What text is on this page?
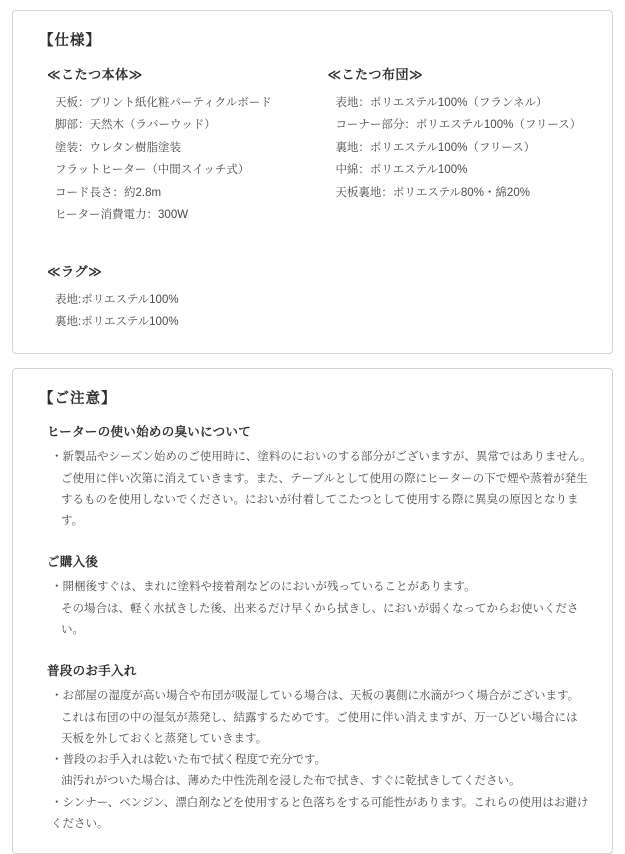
【仕様】
≪こたつ本体≫
天板：プリント紙化粧パーティクルボード
脚部：天然木（ラバーウッド）
塗装：ウレタン樹脂塗装
フラットヒーター（中間スイッチ式）
コード長さ：約2.8m
ヒーター消費電力：300W
≪ラグ≫
表地:ポリエステル100%
裏地:ポリエステル100%
≪こたつ布団≫
表地：ポリエステル100%（フランネル）
コーナー部分：ポリエステル100%（フリース）
裏地：ポリエステル100%（フリース）
中綿：ポリエステル100%
天板裏地：ポリエステル80%・綿20%
【ご注意】
ヒーターの使い始めの臭いについて
・新製品やシーズン始めのご使用時に、塗料のにおいのする部分がございますが、異常ではありません。
ご使用に伴い次第に消えていきます。また、テーブルとして使用の際にヒーターの下で煙や蒸着が発生
するものを使用しないでください。においが付着してこたつとして使用する際に異臭の原因となります。
ご購入後
・開梱後すぐは、まれに塗料や接着剤などのにおいが残っていることがあります。
その場合は、軽く水拭きした後、出来るだけ早くから拭きし、においが弱くなってからお使いください。
普段のお手入れ
・お部屋の湿度が高い場合や布団が吸湿している場合は、天板の裏側に水滴がつく場合がございます。
これは布団の中の湿気が蒸発し、結露するためです。ご使用に伴い消えますが、万一ひどい場合には
天板を外しておくと蒸発していきます。
・普段のお手入れは乾いた布で拭く程度で充分です。
油汚れがついた場合は、薄めた中性洗剤を浸した布で拭き、すぐに乾拭きしてください。
・シンナー、ベンジン、漂白剤などを使用すると色落ちをする可能性があります。これらの使用はお避けください。
